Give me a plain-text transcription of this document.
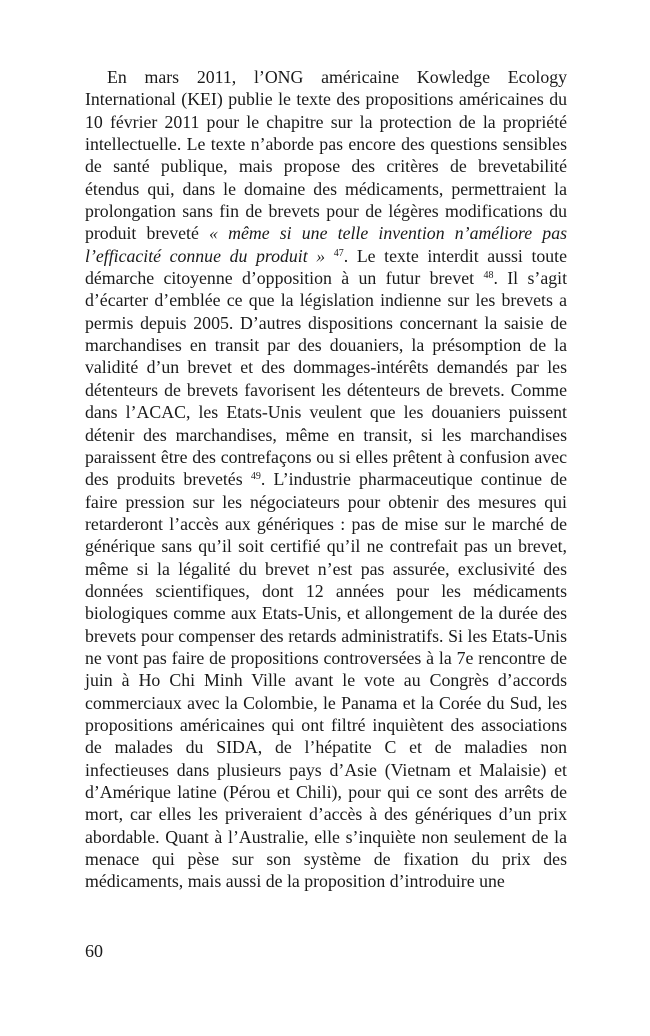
En mars 2011, l’ONG américaine Kowledge Ecology International (KEI) publie le texte des propositions américaines du 10 février 2011 pour le chapitre sur la protection de la propriété intellectuelle. Le texte n’aborde pas encore des questions sensibles de santé publique, mais propose des critères de brevetabilité étendus qui, dans le domaine des médicaments, permettraient la prolongation sans fin de brevets pour de légères modifications du produit breveté « même si une telle invention n’améliore pas l’efficacité connue du produit » $^{47}$. Le texte interdit aussi toute démarche citoyenne d’opposition à un futur brevet $^{48}$. Il s’agit d’écarter d’emblée ce que la législation indienne sur les brevets a permis depuis 2005. D’autres dispositions concernant la saisie de marchandises en transit par des douaniers, la présomption de la validité d’un brevet et des dommages-intérêts demandés par les détenteurs de brevets favorisent les détenteurs de brevets. Comme dans l’ACAC, les Etats-Unis veulent que les douaniers puissent détenir des marchandises, même en transit, si les marchandises paraissent être des contrefaçons ou si elles prêtent à confusion avec des produits brevetés $^{49}$. L’industrie pharmaceutique continue de faire pression sur les négociateurs pour obtenir des mesures qui retarderont l’accès aux génériques : pas de mise sur le marché de générique sans qu’il soit certifié qu’il ne contrefait pas un brevet, même si la légalité du brevet n’est pas assurée, exclusivité des données scientifiques, dont 12 années pour les médicaments biologiques comme aux Etats-Unis, et allongement de la durée des brevets pour compenser des retards administratifs. Si les Etats-Unis ne vont pas faire de propositions controversées à la 7e rencontre de juin à Ho Chi Minh Ville avant le vote au Congrès d’accords commerciaux avec la Colombie, le Panama et la Corée du Sud, les propositions américaines qui ont filtré inquiètent des associations de malades du SIDA, de l’hépatite C et de maladies non infectieuses dans plusieurs pays d’Asie (Vietnam et Malaisie) et d’Amérique latine (Pérou et Chili), pour qui ce sont des arrêts de mort, car elles les priveraient d’accès à des génériques d’un prix abordable. Quant à l’Australie, elle s’inquiète non seulement de la menace qui pèse sur son système de fixation du prix des médicaments, mais aussi de la proposition d’introduire une

60
